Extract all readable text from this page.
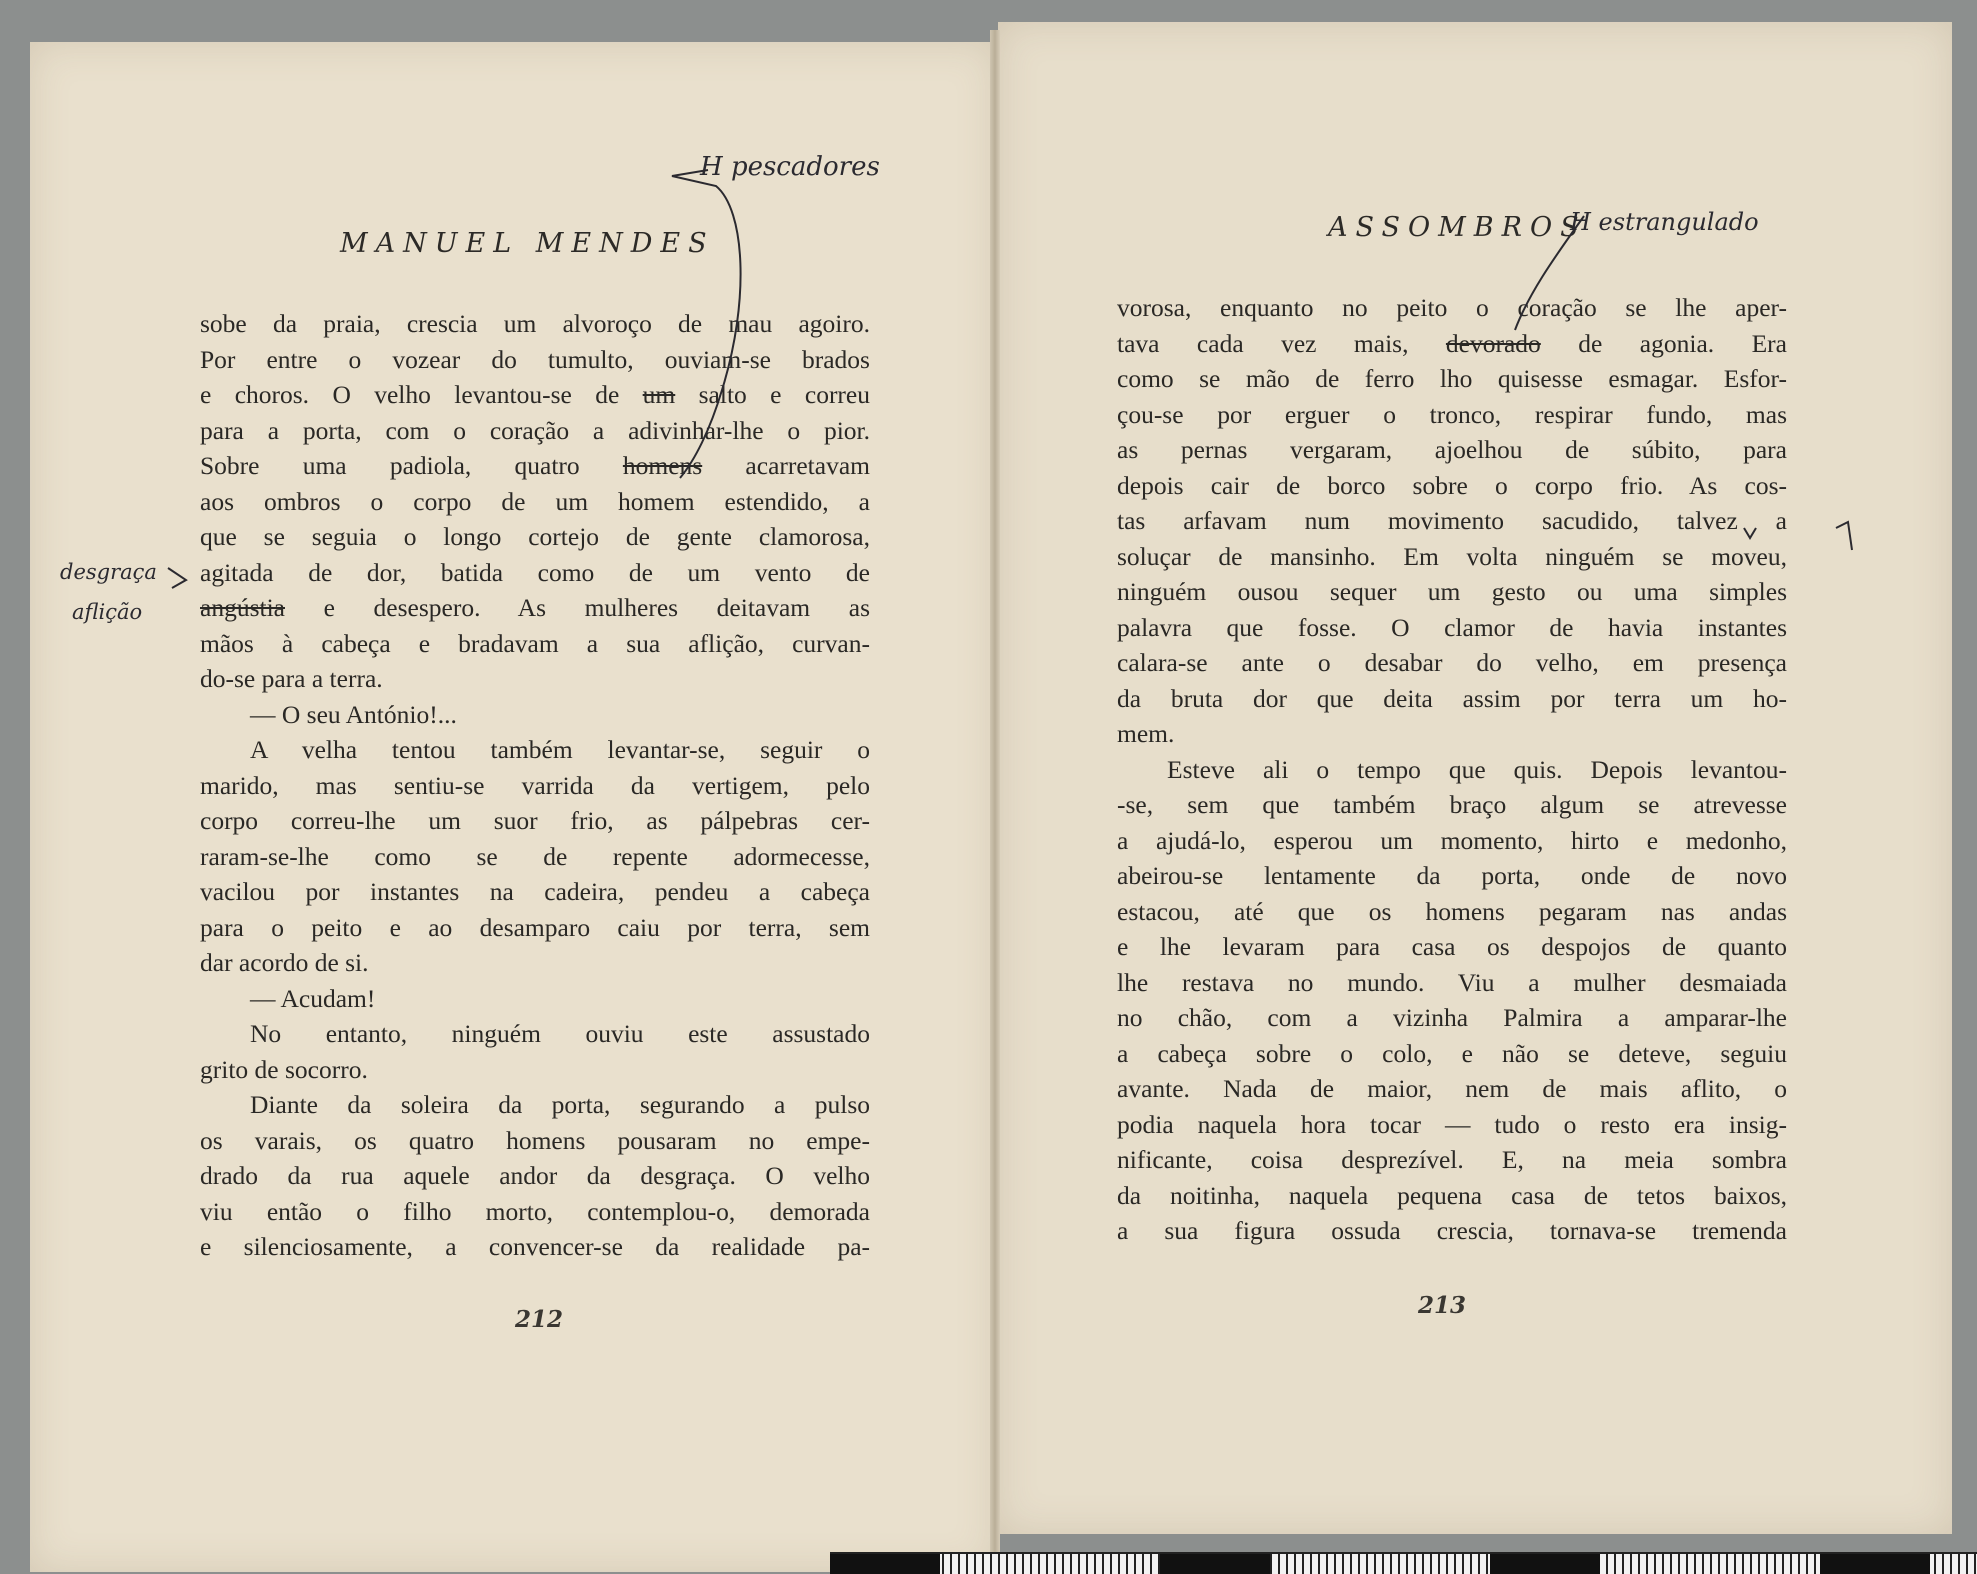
MANUEL MENDES
sobe da praia, crescia um alvoroço de mau agoiro.
Por entre o vozear do tumulto, ouviam-se brados
e choros. O velho levantou-se de um salto e correu
para a porta, com o coração a adivinhar-lhe o pior.
Sobre uma padiola, quatro homens acarretavam
aos ombros o corpo de um homem estendido, a
que se seguia o longo cortejo de gente clamorosa,
agitada de dor, batida como de um vento de
angústia e desespero. As mulheres deitavam as
mãos à cabeça e bradavam a sua aflição, curvan-
do-se para a terra.
— O seu António!...
A velha tentou também levantar-se, seguir o
marido, mas sentiu-se varrida da vertigem, pelo
corpo correu-lhe um suor frio, as pálpebras cer-
raram-se-lhe como se de repente adormecesse,
vacilou por instantes na cadeira, pendeu a cabeça
para o peito e ao desamparo caiu por terra, sem
dar acordo de si.
— Acudam!
No entanto, ninguém ouviu este assustado
grito de socorro.
Diante da soleira da porta, segurando a pulso
os varais, os quatro homens pousaram no empe-
drado da rua aquele andor da desgraça. O velho
viu então o filho morto, contemplou-o, demorada
e silenciosamente, a convencer-se da realidade pa-
212
ASSOMBROS
vorosa, enquanto no peito o coração se lhe aper-
tava cada vez mais, devorado de agonia. Era
como se mão de ferro lho quisesse esmagar. Esfor-
çou-se por erguer o tronco, respirar fundo, mas
as pernas vergaram, ajoelhou de súbito, para
depois cair de borco sobre o corpo frio. As cos-
tas arfavam num movimento sacudido, talvez a
soluçar de mansinho. Em volta ninguém se moveu,
ninguém ousou sequer um gesto ou uma simples
palavra que fosse. O clamor de havia instantes
calara-se ante o desabar do velho, em presença
da bruta dor que deita assim por terra um ho-
mem.
Esteve ali o tempo que quis. Depois levantou-
-se, sem que também braço algum se atrevesse
a ajudá-lo, esperou um momento, hirto e medonho,
abeirou-se lentamente da porta, onde de novo
estacou, até que os homens pegaram nas andas
e lhe levaram para casa os despojos de quanto
lhe restava no mundo. Viu a mulher desmaiada
no chão, com a vizinha Palmira a amparar-lhe
a cabeça sobre o colo, e não se deteve, seguiu
avante. Nada de maior, nem de mais aflito, o
podia naquela hora tocar — tudo o resto era insig-
nificante, coisa desprezível. E, na meia sombra
da noitinha, naquela pequena casa de tetos baixos,
a sua figura ossuda crescia, tornava-se tremenda
213
H pescadores
H estrangulado
desgraça
aflição
